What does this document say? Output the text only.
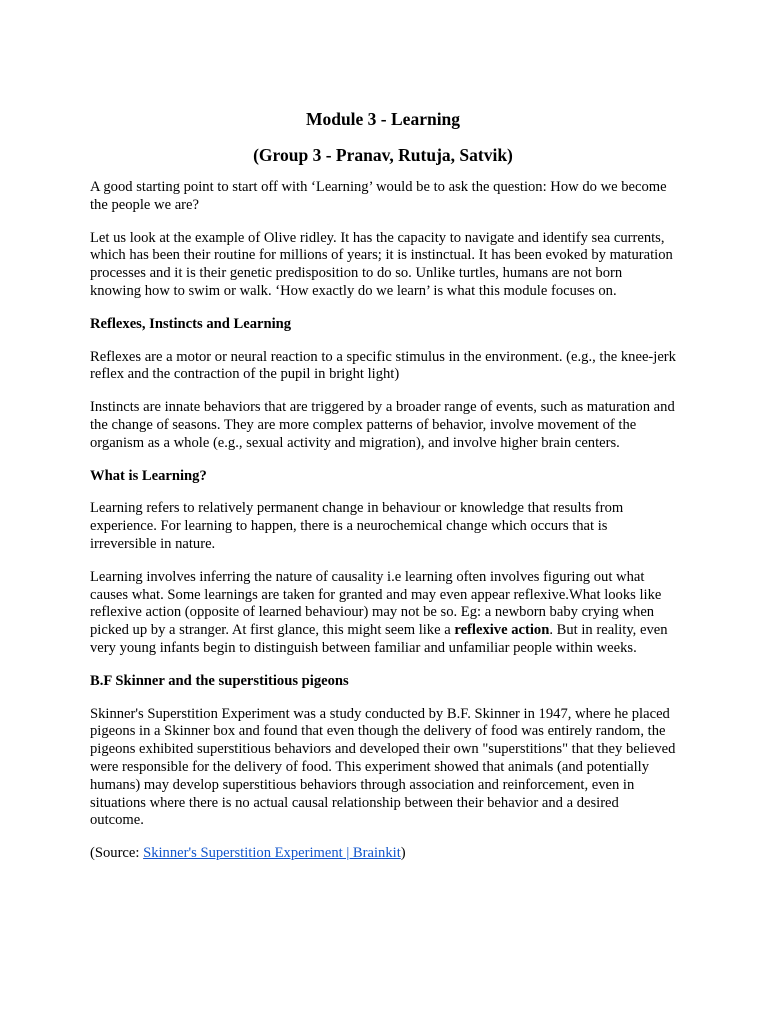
Module 3 - Learning
(Group 3 - Pranav, Rutuja, Satvik)

A good starting point to start off with ‘Learning’ would be to ask the question: How do we become the people we are?

Let us look at the example of Olive ridley. It has the capacity to navigate and identify sea currents, which has been their routine for millions of years; it is instinctual. It has been evoked by maturation processes and it is their genetic predisposition to do so. Unlike turtles, humans are not born knowing how to swim or walk. ‘How exactly do we learn’ is what this module focuses on.

Reflexes, Instincts and Learning

Reflexes are a motor or neural reaction to a specific stimulus in the environment. (e.g., the knee-jerk reflex and the contraction of the pupil in bright light)

Instincts are innate behaviors that are triggered by a broader range of events, such as maturation and the change of seasons. They are more complex patterns of behavior, involve movement of the organism as a whole (e.g., sexual activity and migration), and involve higher brain centers.

What is Learning?

Learning refers to relatively permanent change in behaviour or knowledge that results from experience. For learning to happen, there is a neurochemical change which occurs that is irreversible in nature.

Learning involves inferring the nature of causality i.e learning often involves figuring out what causes what. Some learnings are taken for granted and may even appear reflexive.What looks like reflexive action (opposite of learned behaviour) may not be so. Eg: a newborn baby crying when picked up by a stranger. At first glance, this might seem like a reflexive action. But in reality, even very young infants begin to distinguish between familiar and unfamiliar people within weeks.

B.F Skinner and the superstitious pigeons

Skinner's Superstition Experiment was a study conducted by B.F. Skinner in 1947, where he placed pigeons in a Skinner box and found that even though the delivery of food was entirely random, the pigeons exhibited superstitious behaviors and developed their own "superstitions" that they believed were responsible for the delivery of food. This experiment showed that animals (and potentially humans) may develop superstitious behaviors through association and reinforcement, even in situations where there is no actual causal relationship between their behavior and a desired outcome.

(Source: Skinner's Superstition Experiment | Brainkit)
